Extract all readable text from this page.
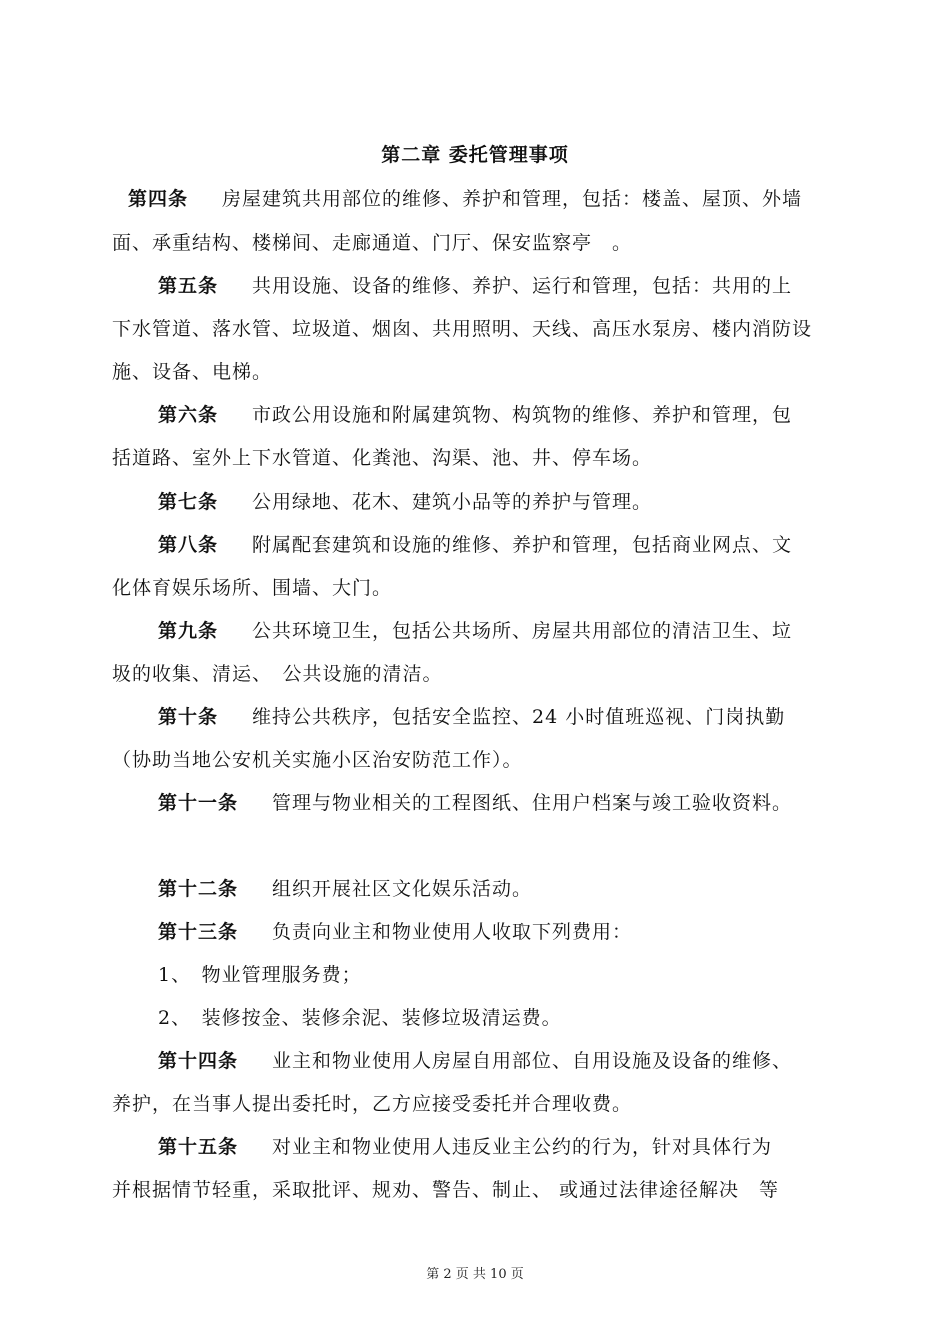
第二章 委托管理事项
第四条 房屋建筑共用部位的维修、养护和管理，包括：楼盖、屋顶、外墙
面、承重结构、楼梯间、走廊通道、门厅、保安监察亭　。
第五条 共用设施、设备的维修、养护、运行和管理，包括：共用的上
下水管道、落水管、垃圾道、烟囱、共用照明、天线、高压水泵房、楼内消防设
施、设备、电梯。
第六条 市政公用设施和附属建筑物、构筑物的维修、养护和管理，包
括道路、室外上下水管道、化粪池、沟渠、池、井、停车场。
第七条 公用绿地、花木、建筑小品等的养护与管理。
第八条 附属配套建筑和设施的维修、养护和管理，包括商业网点、文
化体育娱乐场所、围墙、大门。
第九条 公共环境卫生，包括公共场所、房屋共用部位的清洁卫生、垃
圾的收集、清运、　公共设施的清洁。
第十条 维持公共秩序，包括安全监控、24 小时值班巡视、门岗执勤
（协助当地公安机关实施小区治安防范工作）。
第十一条 管理与物业相关的工程图纸、住用户档案与竣工验收资料。
第十二条 组织开展社区文化娱乐活动。
第十三条 负责向业主和物业使用人收取下列费用：
1、　物业管理服务费；
2、　装修按金、装修余泥、装修垃圾清运费。
第十四条 业主和物业使用人房屋自用部位、自用设施及设备的维修、
养护，在当事人提出委托时，乙方应接受委托并合理收费。
第十五条 对业主和物业使用人违反业主公约的行为，针对具体行为
并根据情节轻重，采取批评、规劝、警告、制止、 或通过法律途径解决　等
第 2 页 共 10 页
